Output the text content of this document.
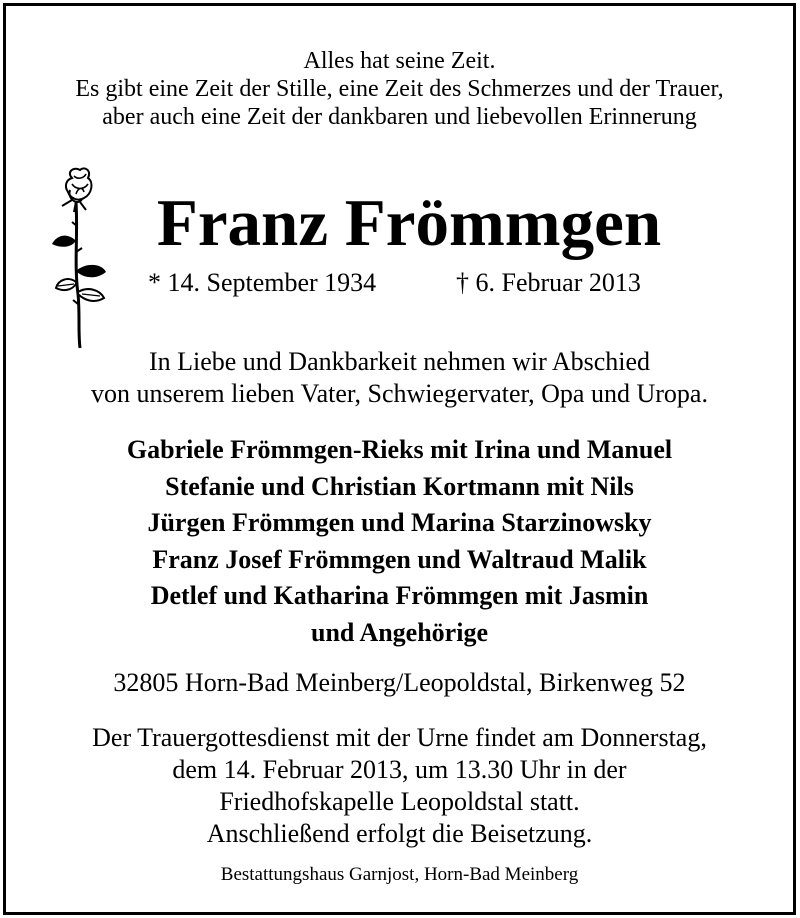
Alles hat seine Zeit.
Es gibt eine Zeit der Stille, eine Zeit des Schmerzes und der Trauer,
aber auch eine Zeit der dankbaren und liebevollen Erinnerung
Franz Frömmgen
* 14. September 1934	† 6. Februar 2013
In Liebe und Dankbarkeit nehmen wir Abschied
von unserem lieben Vater, Schwiegervater, Opa und Uropa.
Gabriele Frömmgen-Rieks mit Irina und Manuel
Stefanie und Christian Kortmann mit Nils
Jürgen Frömmgen und Marina Starzinowsky
Franz Josef Frömmgen und Waltraud Malik
Detlef und Katharina Frömmgen mit Jasmin
und Angehörige
32805 Horn-Bad Meinberg/Leopoldstal, Birkenweg 52
Der Trauergottesdienst mit der Urne findet am Donnerstag,
dem 14. Februar 2013, um 13.30 Uhr in der
Friedhofskapelle Leopoldstal statt.
Anschließend erfolgt die Beisetzung.
Bestattungshaus Garnjost, Horn-Bad Meinberg
